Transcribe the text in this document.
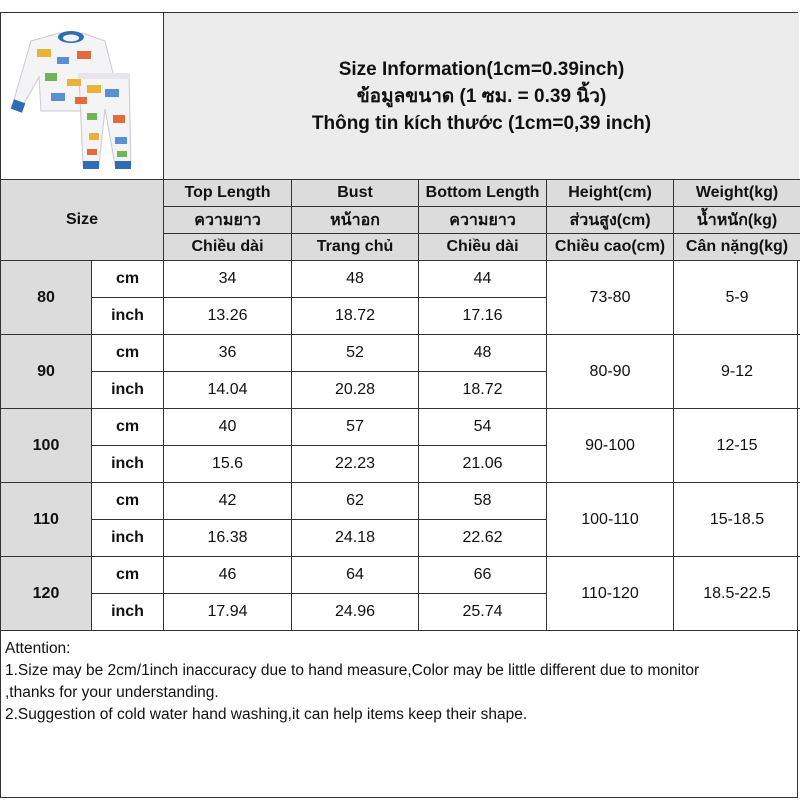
Size Information(1cm=0.39inch)
ข้อมูลขนาด (1 ซม. = 0.39 นิ้ว)
Thông tin kích thước (1cm=0,39 inch)
Size		Top Length	Bust	Bottom Length	Height(cm)	Weight(kg)
		ความยาว	หน้าอก	ความยาว	ส่วนสูง(cm)	น้ำหนัก(kg)
		Chiều dài	Trang chủ	Chiều dài	Chiều cao(cm)	Cân nặng(kg)
80	cm	34	48	44	73-80	5-9
	inch	13.26	18.72	17.16		
90	cm	36	52	48	80-90	9-12
	inch	14.04	20.28	18.72		
100	cm	40	57	54	90-100	12-15
	inch	15.6	22.23	21.06		
110	cm	42	62	58	100-110	15-18.5
	inch	16.38	24.18	22.62		
120	cm	46	64	66	110-120	18.5-22.5
	inch	17.94	24.96	25.74		
Attention:
1.Size may be 2cm/1inch inaccuracy due to hand measure,Color may be little different due to monitor
,thanks for your understanding.
2.Suggestion of cold water hand washing,it can help items keep their shape.
